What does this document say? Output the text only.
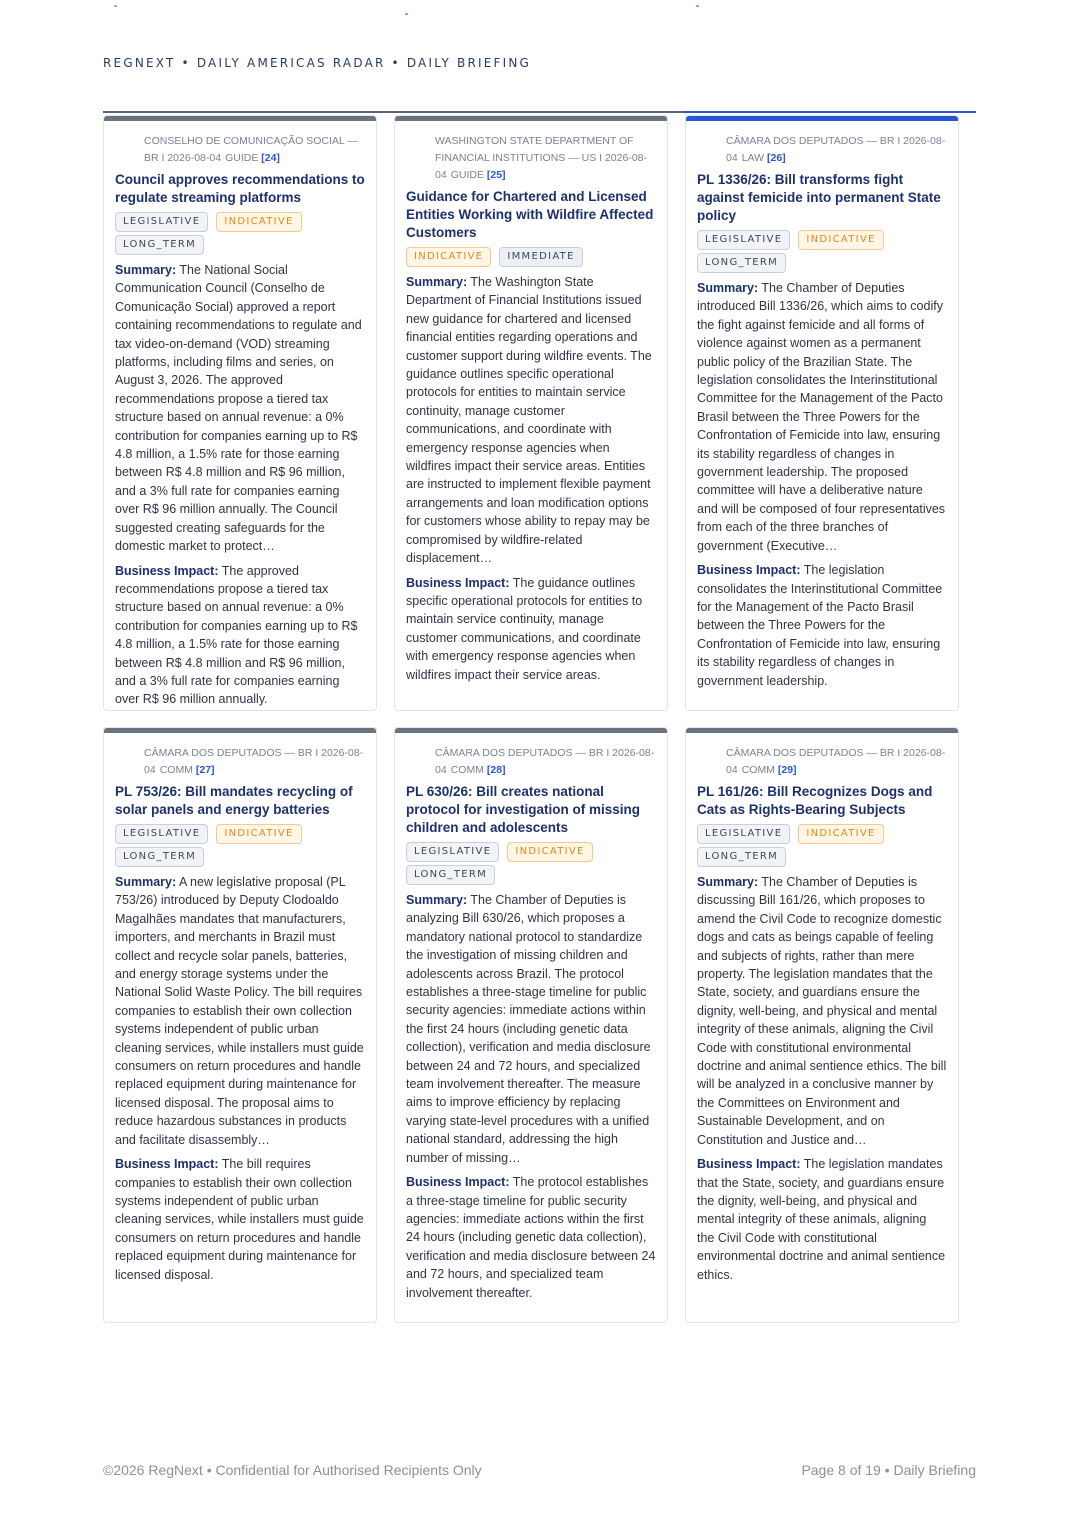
REGNEXT • DAILY AMERICAS RADAR • DAILY BRIEFING
CONSELHO DE COMUNICAÇÃO SOCIAL — BR I 2026-08-04 GUIDE [24]
Council approves recommendations to regulate streaming platforms
LEGISLATIVE	INDICATIVE
LONG_TERM
Summary: The National Social Communication Council (Conselho de Comunicação Social) approved a report containing recommendations to regulate and tax video-on-demand (VOD) streaming platforms, including films and series, on August 3, 2026. The approved recommendations propose a tiered tax structure based on annual revenue: a 0% contribution for companies earning up to R$ 4.8 million, a 1.5% rate for those earning between R$ 4.8 million and R$ 96 million, and a 3% full rate for companies earning over R$ 96 million annually. The Council suggested creating safeguards for the domestic market to protect…
Business Impact: The approved recommendations propose a tiered tax structure based on annual revenue: a 0% contribution for companies earning up to R$ 4.8 million, a 1.5% rate for those earning between R$ 4.8 million and R$ 96 million, and a 3% full rate for companies earning over R$ 96 million annually.
WASHINGTON STATE DEPARTMENT OF FINANCIAL INSTITUTIONS — US I 2026-08-04 GUIDE [25]
Guidance for Chartered and Licensed Entities Working with Wildfire Affected Customers
INDICATIVE	IMMEDIATE
Summary: The Washington State Department of Financial Institutions issued new guidance for chartered and licensed financial entities regarding operations and customer support during wildfire events. The guidance outlines specific operational protocols for entities to maintain service continuity, manage customer communications, and coordinate with emergency response agencies when wildfires impact their service areas. Entities are instructed to implement flexible payment arrangements and loan modification options for customers whose ability to repay may be compromised by wildfire-related displacement…
Business Impact: The guidance outlines specific operational protocols for entities to maintain service continuity, manage customer communications, and coordinate with emergency response agencies when wildfires impact their service areas.
CÂMARA DOS DEPUTADOS — BR I 2026-08-04 LAW [26]
PL 1336/26: Bill transforms fight against femicide into permanent State policy
LEGISLATIVE	INDICATIVE
LONG_TERM
Summary: The Chamber of Deputies introduced Bill 1336/26, which aims to codify the fight against femicide and all forms of violence against women as a permanent public policy of the Brazilian State. The legislation consolidates the Interinstitutional Committee for the Management of the Pacto Brasil between the Three Powers for the Confrontation of Femicide into law, ensuring its stability regardless of changes in government leadership. The proposed committee will have a deliberative nature and will be composed of four representatives from each of the three branches of government (Executive…
Business Impact: The legislation consolidates the Interinstitutional Committee for the Management of the Pacto Brasil between the Three Powers for the Confrontation of Femicide into law, ensuring its stability regardless of changes in government leadership.
CÂMARA DOS DEPUTADOS — BR I 2026-08-04 COMM [27]
PL 753/26: Bill mandates recycling of solar panels and energy batteries
LEGISLATIVE	INDICATIVE
LONG_TERM
Summary: A new legislative proposal (PL 753/26) introduced by Deputy Clodoaldo Magalhães mandates that manufacturers, importers, and merchants in Brazil must collect and recycle solar panels, batteries, and energy storage systems under the National Solid Waste Policy. The bill requires companies to establish their own collection systems independent of public urban cleaning services, while installers must guide consumers on return procedures and handle replaced equipment during maintenance for licensed disposal. The proposal aims to reduce hazardous substances in products and facilitate disassembly…
Business Impact: The bill requires companies to establish their own collection systems independent of public urban cleaning services, while installers must guide consumers on return procedures and handle replaced equipment during maintenance for licensed disposal.
CÂMARA DOS DEPUTADOS — BR I 2026-08-04 COMM [28]
PL 630/26: Bill creates national protocol for investigation of missing children and adolescents
LEGISLATIVE	INDICATIVE
LONG_TERM
Summary: The Chamber of Deputies is analyzing Bill 630/26, which proposes a mandatory national protocol to standardize the investigation of missing children and adolescents across Brazil. The protocol establishes a three-stage timeline for public security agencies: immediate actions within the first 24 hours (including genetic data collection), verification and media disclosure between 24 and 72 hours, and specialized team involvement thereafter. The measure aims to improve efficiency by replacing varying state-level procedures with a unified national standard, addressing the high number of missing…
Business Impact: The protocol establishes a three-stage timeline for public security agencies: immediate actions within the first 24 hours (including genetic data collection), verification and media disclosure between 24 and 72 hours, and specialized team involvement thereafter.
CÂMARA DOS DEPUTADOS — BR I 2026-08-04 COMM [29]
PL 161/26: Bill Recognizes Dogs and Cats as Rights-Bearing Subjects
LEGISLATIVE	INDICATIVE
LONG_TERM
Summary: The Chamber of Deputies is discussing Bill 161/26, which proposes to amend the Civil Code to recognize domestic dogs and cats as beings capable of feeling and subjects of rights, rather than mere property. The legislation mandates that the State, society, and guardians ensure the dignity, well-being, and physical and mental integrity of these animals, aligning the Civil Code with constitutional environmental doctrine and animal sentience ethics. The bill will be analyzed in a conclusive manner by the Committees on Environment and Sustainable Development, and on Constitution and Justice and…
Business Impact: The legislation mandates that the State, society, and guardians ensure the dignity, well-being, and physical and mental integrity of these animals, aligning the Civil Code with constitutional environmental doctrine and animal sentience ethics.
©2026 RegNext • Confidential for Authorised Recipients Only	Page 8 of 19 • Daily Briefing
